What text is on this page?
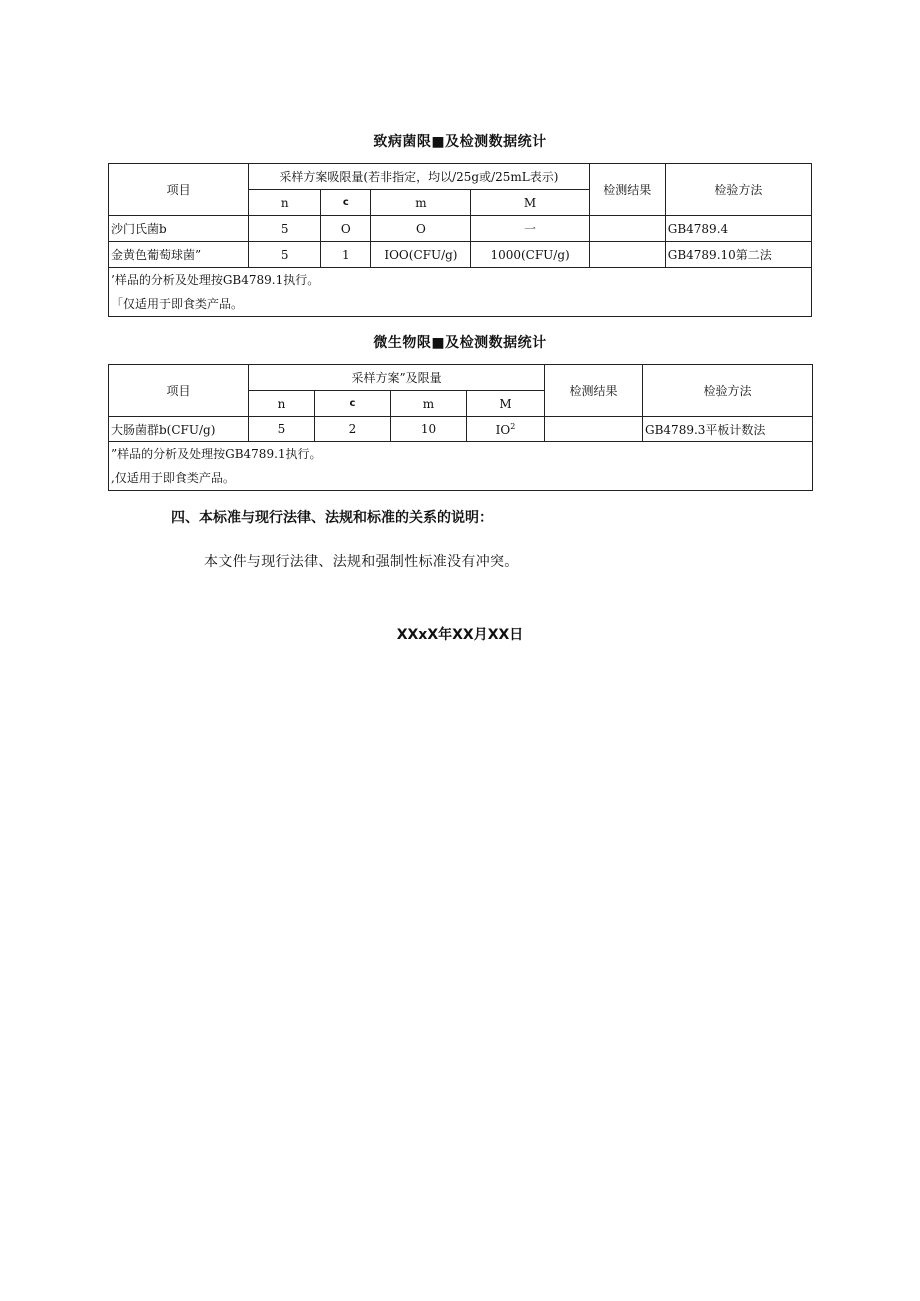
致病菌限■及检测数据统计
项目	采样方案吸限量(若非指定，均以/25g或/25mL表示)				检测结果	检验方法
	n	c	m	M		
沙门氏菌b	5	O	O	一		GB4789.4
金黄色葡萄球菌”	5	1	IOO(CFU/g)	1000(CFU/g)		GB4789.10第二法

’样品的分析及处理按GB4789.1执行。
「仅适用于即食类产品。						
微生物限■及检测数据统计
项目	采样方案”及限量				检测结果	检验方法
	n	c	m	M		
大肠菌群b(CFU/g)	5	2	10	$IO^2$		GB4789.3平板计数法

”样品的分析及处理按GB4789.1执行。
,仅适用于即食类产品。						
四、本标准与现行法律、法规和标准的关系的说明：
本文件与现行法律、法规和强制性标准没有冲突。
XXxX年XX月XX日
